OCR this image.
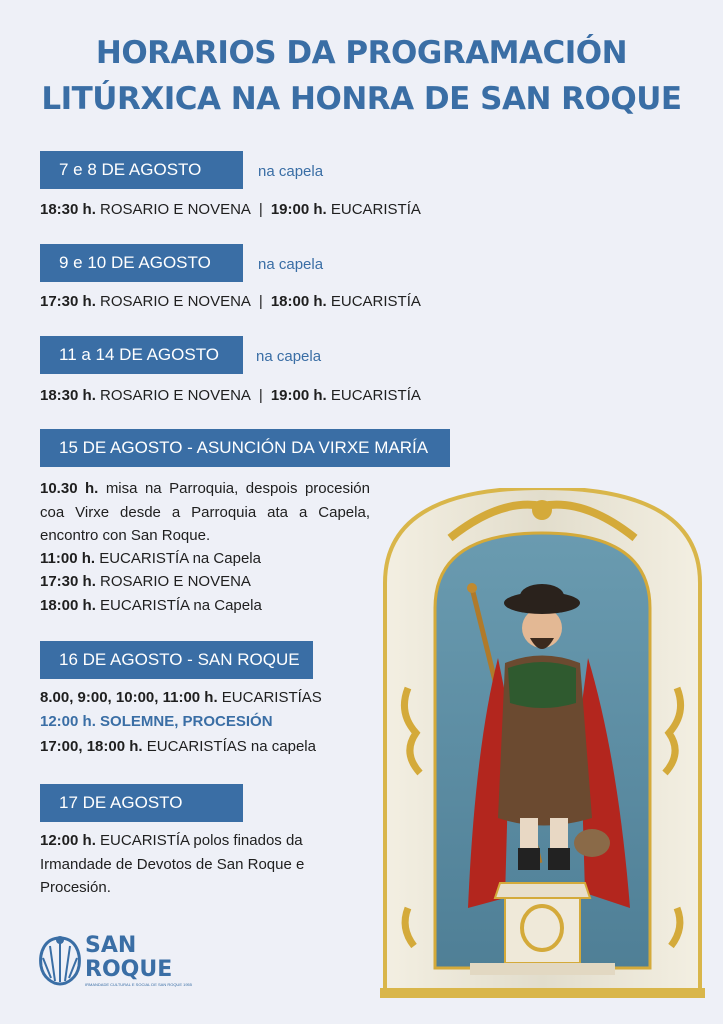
HORARIOS DA PROGRAMACIÓN
LITÚRXICA NA HONRA DE SAN ROQUE
7 e 8 DE AGOSTO	na capela
18:30 h. ROSARIO E NOVENA | 19:00 h. EUCARISTÍA
9 e 10 DE AGOSTO	na capela
17:30 h. ROSARIO E NOVENA | 18:00 h. EUCARISTÍA
11 a 14 DE AGOSTO	na capela
18:30 h. ROSARIO E NOVENA | 19:00 h. EUCARISTÍA
15 DE AGOSTO - ASUNCIÓN DA VIRXE MARÍA
10.30 h. misa na Parroquia, despois procesión coa Virxe desde a Parroquia ata a Capela, encontro con San Roque.
11:00 h. EUCARISTÍA na Capela
17:30 h. ROSARIO E NOVENA
18:00 h. EUCARISTÍA na Capela
16 DE AGOSTO - SAN ROQUE
8.00, 9:00, 10:00, 11:00 h. EUCARISTÍAS
12:00 h. SOLEMNE, PROCESIÓN
17:00, 18:00 h. EUCARISTÍAS na capela
17 DE AGOSTO
12:00 h. EUCARISTÍA polos finados da Irmandade de Devotos de San Roque e Procesión.
SAN
ROQUE
IRMANDADE CULTURAL E SOCIAL DE SAN ROQUE 1955
